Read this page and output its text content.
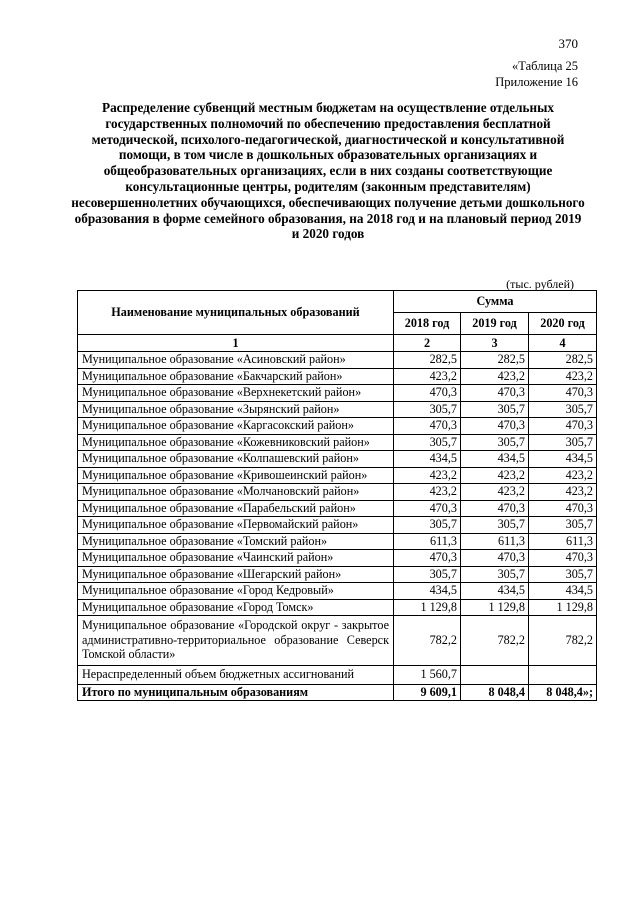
370
«Таблица 25
Приложение 16
Распределение субвенций местным бюджетам на осуществление отдельных государственных полномочий по обеспечению предоставления бесплатной методической, психолого-педагогической, диагностической и консультативной помощи, в том числе в дошкольных образовательных организациях и общеобразовательных организациях, если в них созданы соответствующие консультационные центры, родителям (законным представителям) несовершеннолетних обучающихся, обеспечивающих получение детьми дошкольного образования в форме семейного образования, на 2018 год и на плановый период 2019 и 2020 годов
(тыс. рублей)
Наименование муниципальных образований	Сумма		
	2018 год	2019 год	2020 год
1	2	3	4
Муниципальное образование «Асиновский район»	282,5	282,5	282,5
Муниципальное образование «Бакчарский район»	423,2	423,2	423,2
Муниципальное образование «Верхнекетский район»	470,3	470,3	470,3
Муниципальное образование «Зырянский район»	305,7	305,7	305,7
Муниципальное образование «Каргасокский район»	470,3	470,3	470,3
Муниципальное образование «Кожевниковский район»	305,7	305,7	305,7
Муниципальное образование «Колпашевский район»	434,5	434,5	434,5
Муниципальное образование «Кривошеинский район»	423,2	423,2	423,2
Муниципальное образование «Молчановский район»	423,2	423,2	423,2
Муниципальное образование «Парабельский район»	470,3	470,3	470,3
Муниципальное образование «Первомайский район»	305,7	305,7	305,7
Муниципальное образование «Томский район»	611,3	611,3	611,3
Муниципальное образование «Чаинский район»	470,3	470,3	470,3
Муниципальное образование «Шегарский район»	305,7	305,7	305,7
Муниципальное образование «Город Кедровый»	434,5	434,5	434,5
Муниципальное образование «Город Томск»	1 129,8	1 129,8	1 129,8
Муниципальное образование «Городской округ - закрытое административно-территориальное образование Северск Томской области»	782,2	782,2	782,2
Нераспределенный объем бюджетных ассигнований	1 560,7		
Итого по муниципальным образованиям	9 609,1	8 048,4	8 048,4»;
